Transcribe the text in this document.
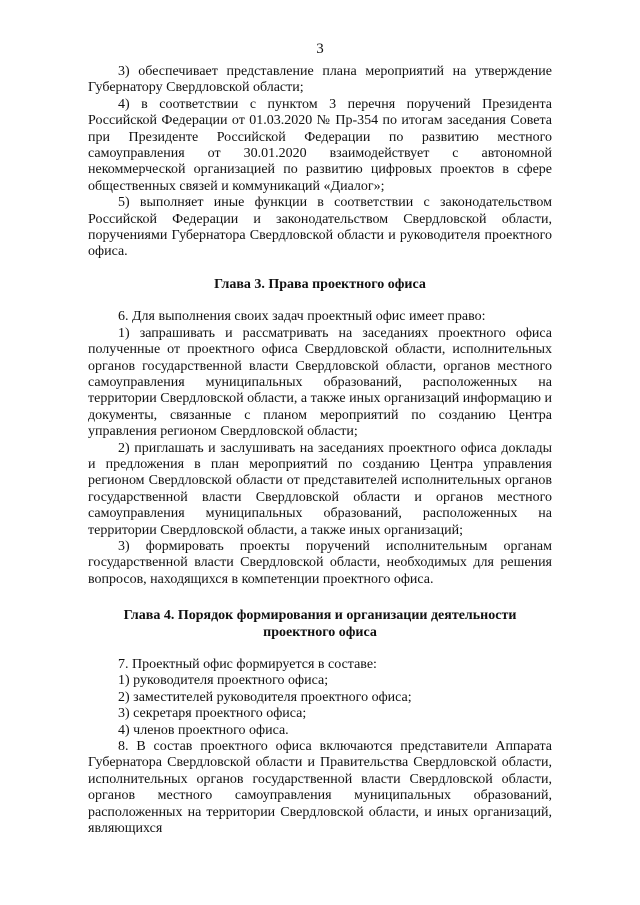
3

3) обеспечивает представление плана мероприятий на утверждение Губернатору Свердловской области;

4) в соответствии с пунктом 3 перечня поручений Президента Российской Федерации от 01.03.2020 № Пр-354 по итогам заседания Совета при Президенте Российской Федерации по развитию местного самоуправления от 30.01.2020 взаимодействует с автономной некоммерческой организацией по развитию цифровых проектов в сфере общественных связей и коммуникаций «Диалог»;

5) выполняет иные функции в соответствии с законодательством Российской Федерации и законодательством Свердловской области, поручениями Губернатора Свердловской области и руководителя проектного офиса.

Глава 3. Права проектного офиса

6. Для выполнения своих задач проектный офис имеет право:

1) запрашивать и рассматривать на заседаниях проектного офиса полученные от проектного офиса Свердловской области, исполнительных органов государственной власти Свердловской области, органов местного самоуправления муниципальных образований, расположенных на территории Свердловской области, а также иных организаций информацию и документы, связанные с планом мероприятий по созданию Центра управления регионом Свердловской области;

2) приглашать и заслушивать на заседаниях проектного офиса доклады и предложения в план мероприятий по созданию Центра управления регионом Свердловской области от представителей исполнительных органов государственной власти Свердловской области и органов местного самоуправления муниципальных образований, расположенных на территории Свердловской области, а также иных организаций;

3) формировать проекты поручений исполнительным органам государственной власти Свердловской области, необходимых для решения вопросов, находящихся в компетенции проектного офиса.

Глава 4. Порядок формирования и организации деятельности
проектного офиса

7. Проектный офис формируется в составе:

1) руководителя проектного офиса;

2) заместителей руководителя проектного офиса;

3) секретаря проектного офиса;

4) членов проектного офиса.

8. В состав проектного офиса включаются представители Аппарата Губернатора Свердловской области и Правительства Свердловской области, исполнительных органов государственной власти Свердловской области, органов местного самоуправления муниципальных образований, расположенных на территории Свердловской области, и иных организаций, являющихся
